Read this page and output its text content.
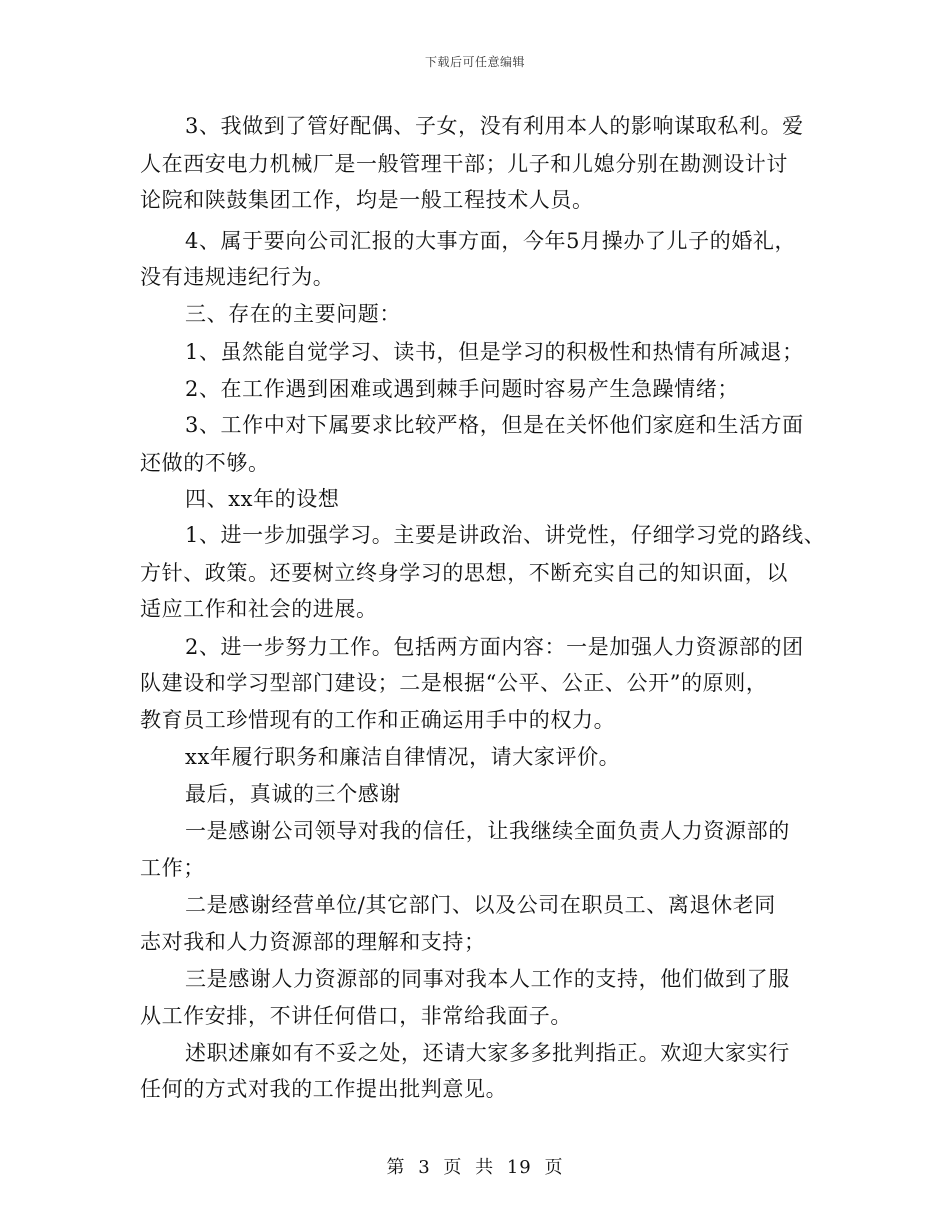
下载后可任意编辑
3、我做到了管好配偶、子女，没有利用本人的影响谋取私利。爱
人在西安电力机械厂是一般管理干部；儿子和儿媳分别在勘测设计讨
论院和陕鼓集团工作，均是一般工程技术人员。
4、属于要向公司汇报的大事方面，今年5月操办了儿子的婚礼，
没有违规违纪行为。
三、存在的主要问题：
1、虽然能自觉学习、读书，但是学习的积极性和热情有所减退；
2、在工作遇到困难或遇到棘手问题时容易产生急躁情绪；
3、工作中对下属要求比较严格，但是在关怀他们家庭和生活方面
还做的不够。
四、xx年的设想
1、进一步加强学习。主要是讲政治、讲党性，仔细学习党的路线、
方针、政策。还要树立终身学习的思想，不断充实自己的知识面，以
适应工作和社会的进展。
2、进一步努力工作。包括两方面内容：一是加强人力资源部的团
队建设和学习型部门建设；二是根据“公平、公正、公开”的原则，
教育员工珍惜现有的工作和正确运用手中的权力。
xx年履行职务和廉洁自律情况，请大家评价。
最后，真诚的三个感谢
一是感谢公司领导对我的信任，让我继续全面负责人力资源部的
工作；
二是感谢经营单位/其它部门、以及公司在职员工、离退休老同
志对我和人力资源部的理解和支持；
三是感谢人力资源部的同事对我本人工作的支持，他们做到了服
从工作安排，不讲任何借口，非常给我面子。
述职述廉如有不妥之处，还请大家多多批判指正。欢迎大家实行
任何的方式对我的工作提出批判意见。
第 3 页 共 19 页
